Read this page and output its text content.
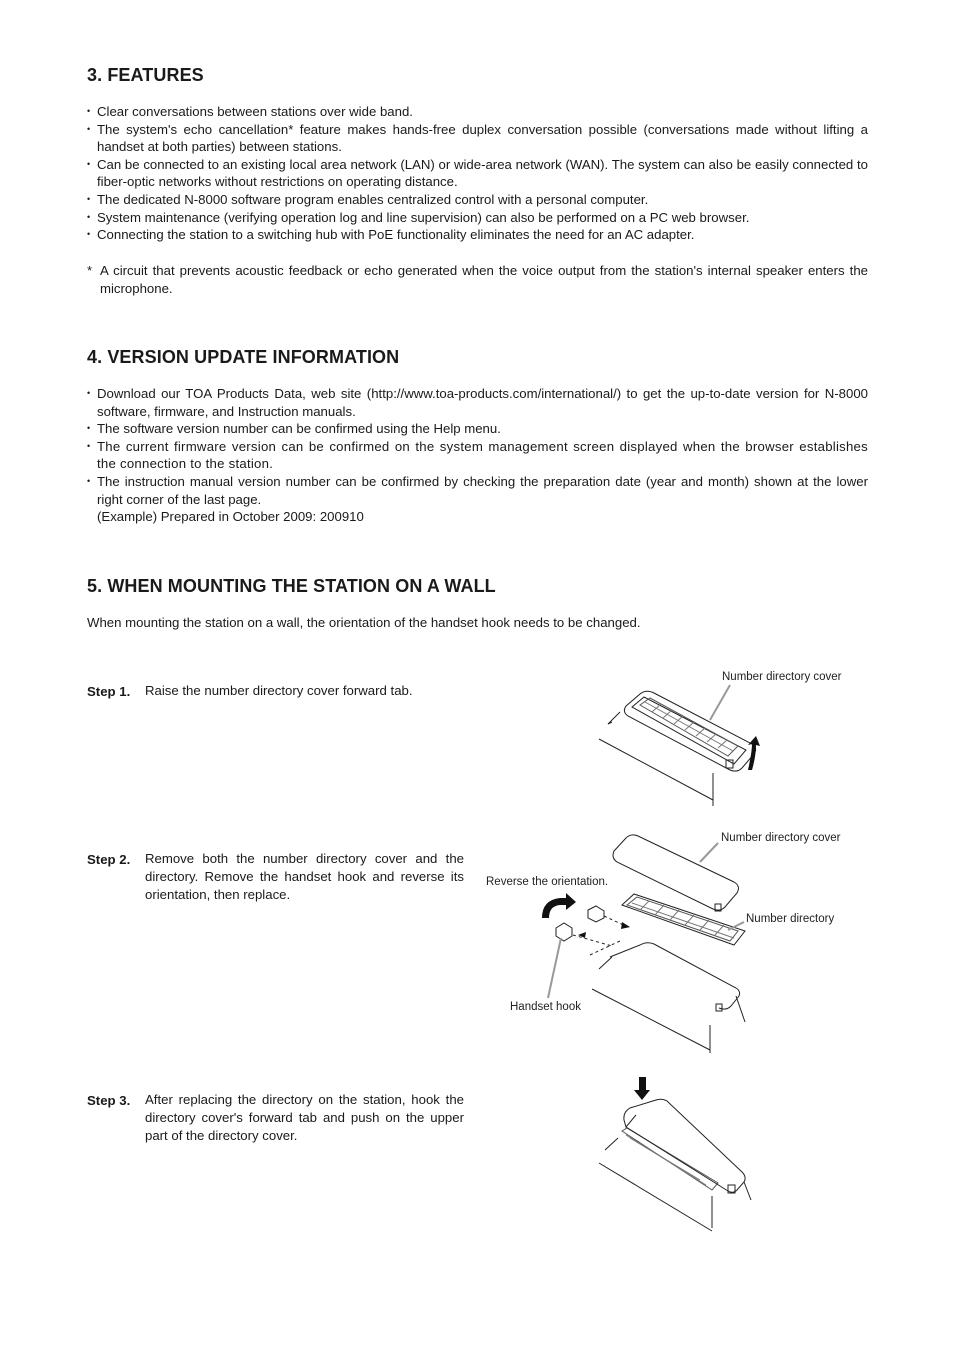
3. FEATURES
• Clear conversations between stations over wide band.
• The system's echo cancellation* feature makes hands-free duplex conversation possible (conversations made without lifting a handset at both parties) between stations.
• Can be connected to an existing local area network (LAN) or wide-area network (WAN). The system can also be easily connected to fiber-optic networks without restrictions on operating distance.
• The dedicated N-8000 software program enables centralized control with a personal computer.
• System maintenance (verifying operation log and line supervision) can also be performed on a PC web browser.
• Connecting the station to a switching hub with PoE functionality eliminates the need for an AC adapter.
* A circuit that prevents acoustic feedback or echo generated when the voice output from the station's internal speaker enters the microphone.
4. VERSION UPDATE INFORMATION
• Download our TOA Products Data, web site (http://www.toa-products.com/international/) to get the up-to-date version for N-8000 software, firmware, and Instruction manuals.
• The software version number can be confirmed using the Help menu.
• The current firmware version can be confirmed on the system management screen displayed when the browser establishes the connection to the station.
• The instruction manual version number can be confirmed by checking the preparation date (year and month) shown at the lower right corner of the last page.
(Example) Prepared in October 2009: 200910
5. WHEN MOUNTING THE STATION ON A WALL
When mounting the station on a wall, the orientation of the handset hook needs to be changed.
Step 1. Raise the number directory cover forward tab.
Step 2. Remove both the number directory cover and the directory. Remove the handset hook and reverse its orientation, then replace.
Step 3. After replacing the directory on the station, hook the directory cover's forward tab and push on the upper part of the directory cover.
Number directory cover
Number directory cover
Reverse the orientation.
Number directory
Handset hook
